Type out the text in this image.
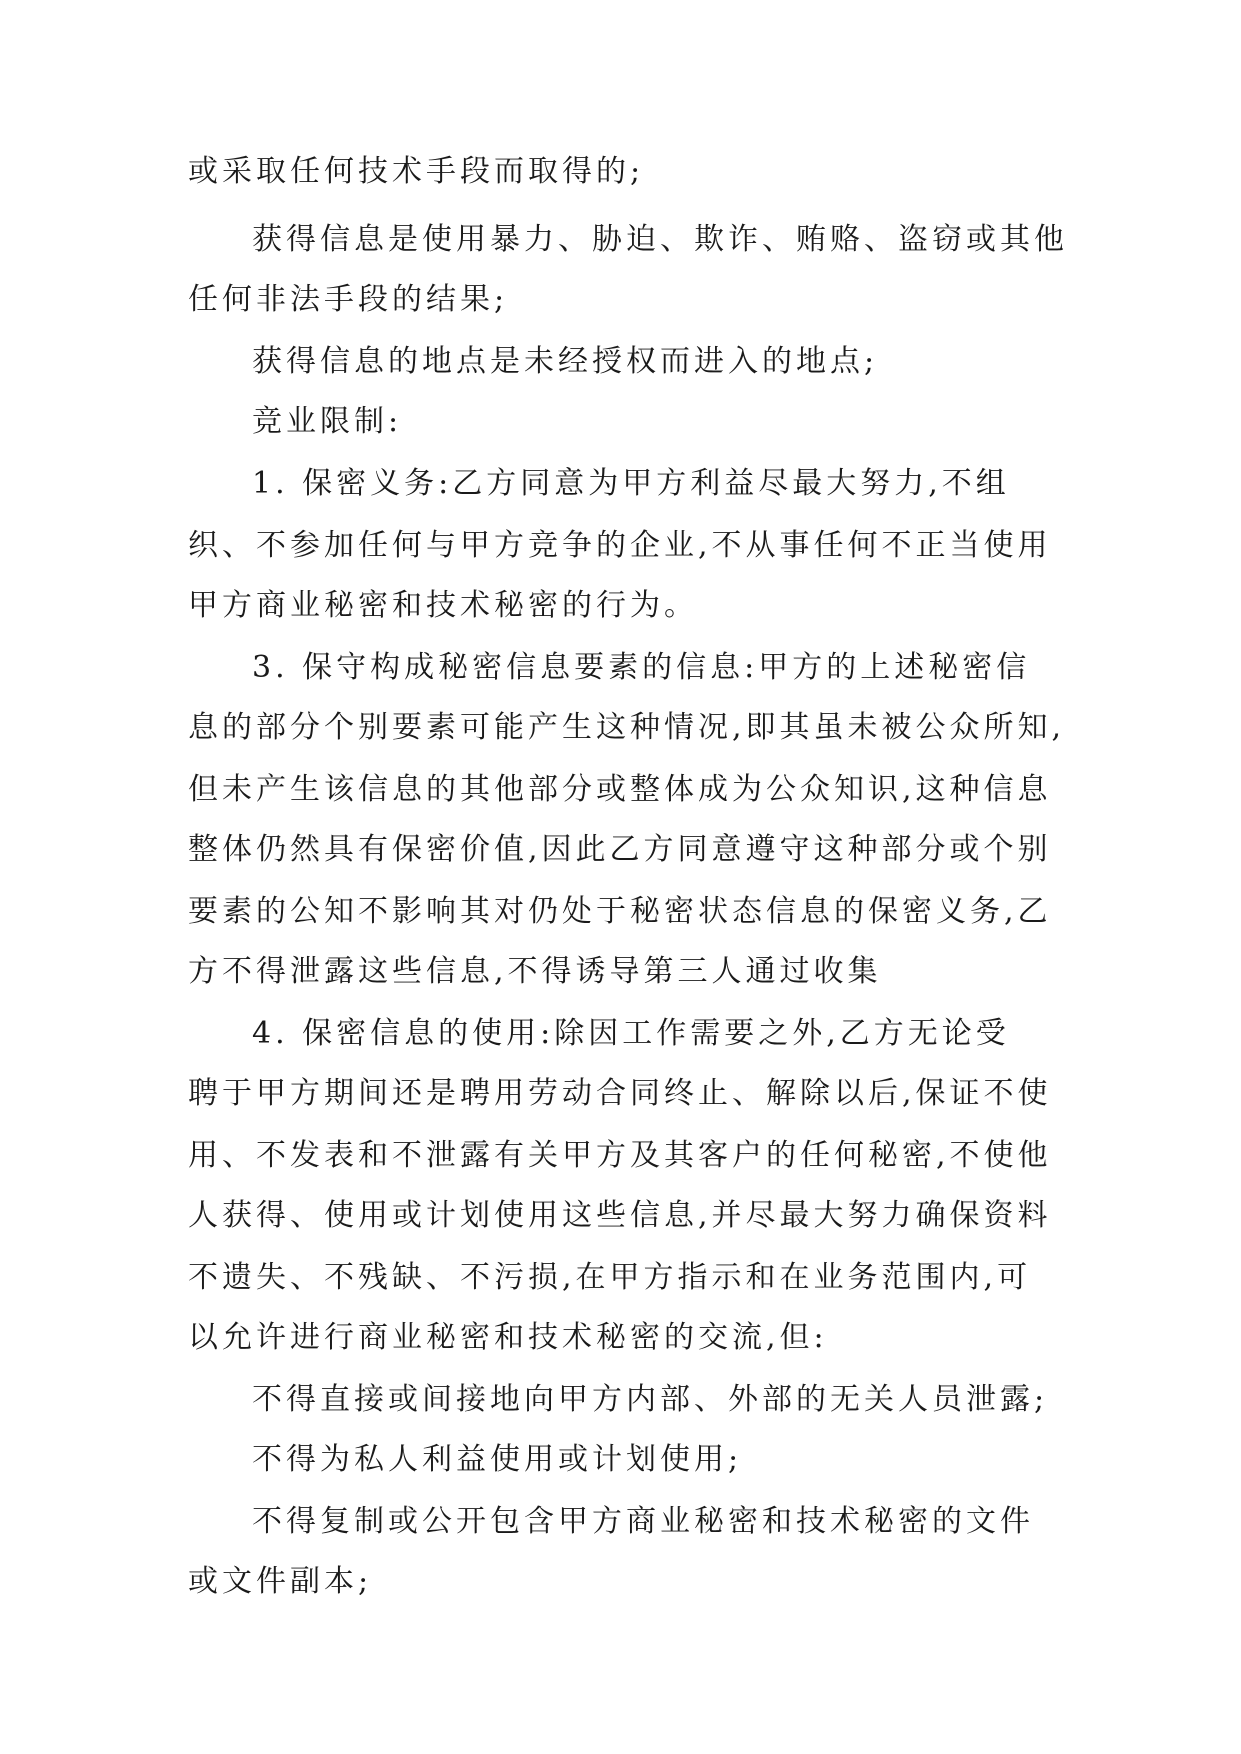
或采取任何技术手段而取得的;
获得信息是使用暴力、胁迫、欺诈、贿赂、盗窃或其他
任何非法手段的结果;
获得信息的地点是未经授权而进入的地点;
竞业限制:
1. 保密义务:乙方同意为甲方利益尽最大努力,不组
织、不参加任何与甲方竞争的企业,不从事任何不正当使用
甲方商业秘密和技术秘密的行为。
3. 保守构成秘密信息要素的信息:甲方的上述秘密信
息的部分个别要素可能产生这种情况,即其虽未被公众所知,
但未产生该信息的其他部分或整体成为公众知识,这种信息
整体仍然具有保密价值,因此乙方同意遵守这种部分或个别
要素的公知不影响其对仍处于秘密状态信息的保密义务,乙
方不得泄露这些信息,不得诱导第三人通过收集
4. 保密信息的使用:除因工作需要之外,乙方无论受
聘于甲方期间还是聘用劳动合同终止、解除以后,保证不使
用、不发表和不泄露有关甲方及其客户的任何秘密,不使他
人获得、使用或计划使用这些信息,并尽最大努力确保资料
不遗失、不残缺、不污损,在甲方指示和在业务范围内,可
以允许进行商业秘密和技术秘密的交流,但:
不得直接或间接地向甲方内部、外部的无关人员泄露;
不得为私人利益使用或计划使用;
不得复制或公开包含甲方商业秘密和技术秘密的文件
或文件副本;
